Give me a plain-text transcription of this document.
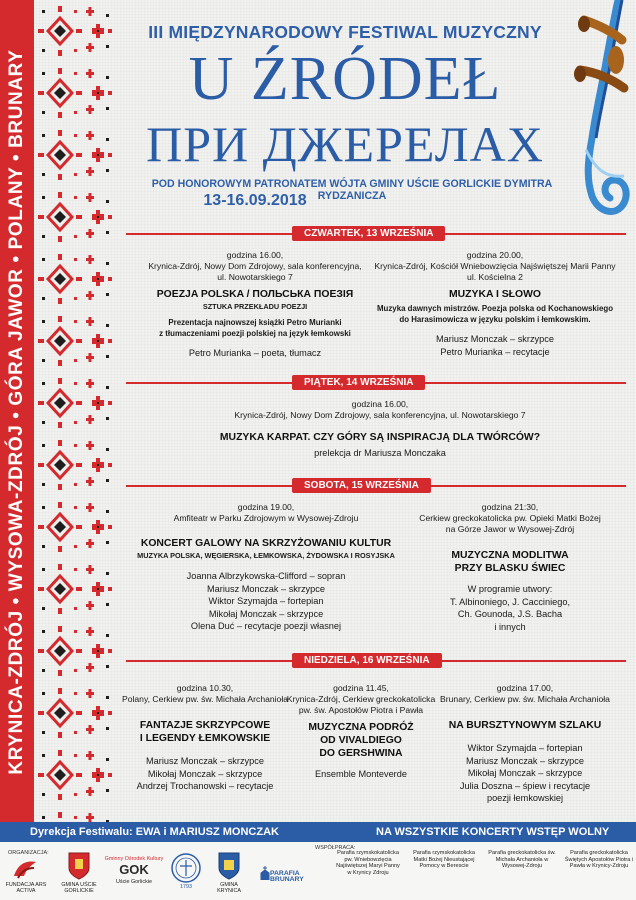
KRYNICA-ZDRÓJ • WYSOWA-ZDRÓJ • GÓRA JAWOR • POLANY • BRUNARY
III MIĘDZYNARODOWY FESTIWAL MUZYCZNY
U ŹRÓDEŁ
ПРИ ДЖЕРЕЛАХ
POD HONOROWYM PATRONATEM WÓJTA GMINY UŚCIE GORLICKIE DYMITRA RYDZANICZA
13-16.09.2018
CZWARTEK, 13 WRZEŚNIA
godzina 16.00,
Krynica-Zdrój, Nowy Dom Zdrojowy, sala konferencyjna,
ul. Nowotarskiego 7
POEZJA POLSKA / ПОЛЬСЬКА ПОЕЗІЯ
SZTUKA PRZEKŁADU POEZJI
Prezentacja najnowszej książki Petro Murianki
z tłumaczeniami poezji polskiej na język łemkowski
Petro Murianka – poeta, tłumacz
godzina 20.00,
Krynica-Zdrój, Kościół Wniebowzięcia Najświętszej Marii Panny
ul. Kościelna 2
MUZYKA I SŁOWO
Muzyka dawnych mistrzów. Poezja polska od Kochanowskiego
do Harasimowicza w języku polskim i łemkowskim.
Mariusz Monczak – skrzypce
Petro Murianka – recytacje
PIĄTEK, 14 WRZEŚNIA
godzina 16.00,
Krynica-Zdrój, Nowy Dom Zdrojowy, sala konferencyjna, ul. Nowotarskiego 7
MUZYKA KARPAT. CZY GÓRY SĄ INSPIRACJĄ DLA TWÓRCÓW?
prelekcja dr Mariusza Monczaka
SOBOTA, 15 WRZEŚNIA
godzina 19.00,
Amfiteatr w Parku Zdrojowym w Wysowej-Zdroju
KONCERT GALOWY NA SKRZYŻOWANIU KULTUR
MUZYKA POLSKA, WĘGIERSKA, ŁEMKOWSKA, ŻYDOWSKA I ROSYJSKA
Joanna Albrzykowska-Clifford – sopran
Mariusz Monczak – skrzypce
Wiktor Szymajda – fortepian
Mikołaj Monczak – skrzypce
Olena Duć – recytacje poezji własnej
godzina 21:30,
Cerkiew greckokatolicka pw. Opieki Matki Bożej
na Górze Jawor w Wysowej-Zdrój
MUZYCZNA MODLITWA
PRZY BLASKU ŚWIEC
W programie utwory:
T. Albinoniego, J. Cacciniego,
Ch. Gounoda, J.S. Bacha
i innych
NIEDZIELA, 16 WRZEŚNIA
godzina 10.30,
Polany, Cerkiew pw. św. Michała Archanioła
FANTAZJE SKRZYPCOWE
I LEGENDY ŁEMKOWSKIE
Mariusz Monczak – skrzypce
Mikołaj Monczak – skrzypce
Andrzej Trochanowski – recytacje
godzina 11.45,
Krynica-Zdrój, Cerkiew greckokatolicka
pw. św. Apostołów Piotra i Pawła
MUZYCZNA PODRÓŻ
OD VIVALDIEGO
DO GERSHWINA
Ensemble Monteverde
godzina 17.00,
Brunary, Cerkiew pw. św. Michała Archanioła
NA BURSZTYNOWYM SZLAKU
Wiktor Szymajda – fortepian
Mariusz Monczak – skrzypce
Mikołaj Monczak – skrzypce
Julia Doszna – śpiew i recytacje
poezji łemkowskiej
Dyrekcja Festiwalu: EWA i MARIUSZ MONCZAK	NA WSZYSTKIE KONCERTY WSTĘP WOLNY
ORGANIZACJA:
WSPÓŁPRACA:
FUNDACJA ARS ACTIVA
GMINA UŚCIE GORLICKIE
Gminny Ośrodek Kultury
GOK
Uście Gorlickie
1793	GMINA KRYNICA
PARAFIA BRUNARY
Parafia rzymskokatolicka pw. Wniebowzięcia Najświętszej Maryi Panny w Krynicy Zdroju
Parafia rzymskokatolicka Matki Bożej Nieustającej Pomocy w Berescie
Parafia greckokatolicka św. Michała Archanioła w Wysowej-Zdroju
Parafia greckokatolicka Świętych Apostołów Piotra i Pawła w Krynicy-Zdroju
